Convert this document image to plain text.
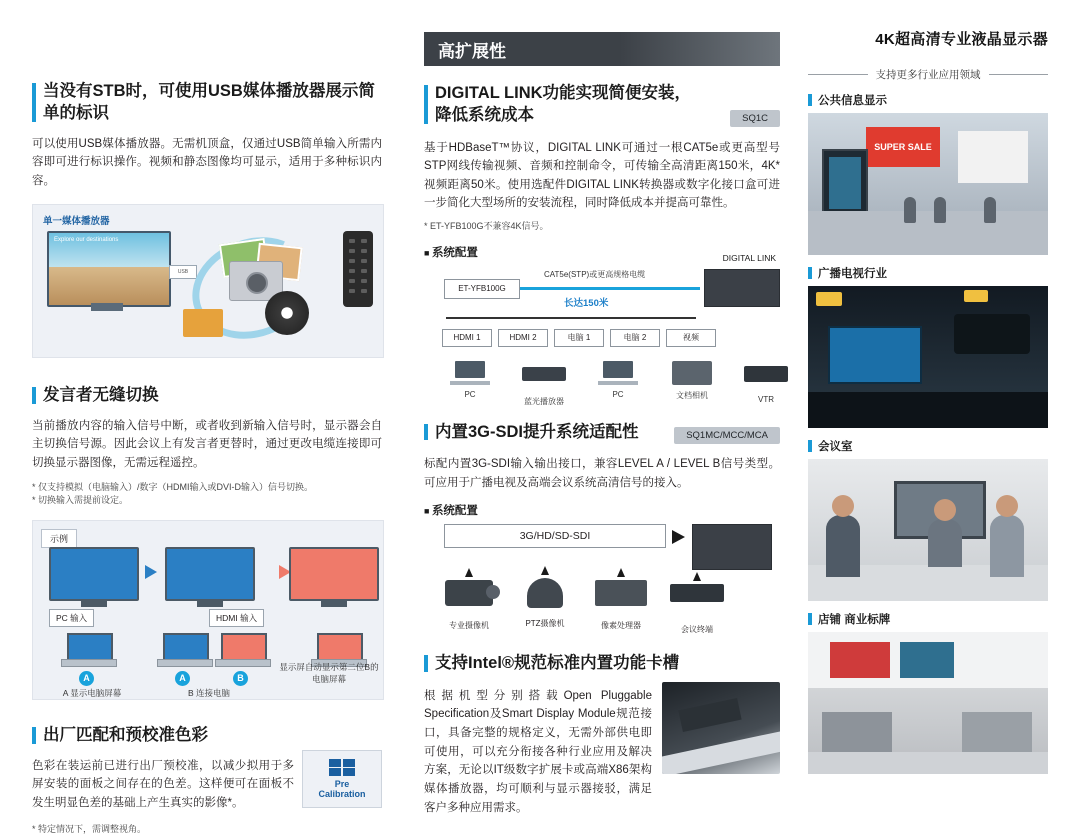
当没有STB时，可使用USB媒体播放器展示简单的标识
可以使用USB媒体播放器。无需机顶盒，仅通过USB简单输入所需内容即可进行标识操作。视频和静态图像均可显示，适用于多种标识内容。
单一媒体播放器
Explore our destinations
USB
发言者无缝切换
当前播放内容的输入信号中断，或者收到新输入信号时，显示器会自主切换信号源。因此会议上有发言者更替时，通过更改电缆连接即可切换显示器图像，无需远程遥控。
* 仅支持模拟（电脑输入）/数字（HDMI输入或DVI-D输入）信号切换。
* 切换输入需提前设定。
示例
PC 输入
A
A 显示电脑屏幕
HDMI 输入
A	B
B 连接电脑
显示屏自动显示第二位B的电脑屏幕
出厂匹配和预校准色彩
色彩在装运前已进行出厂预校准，以减少拟用于多屏安装的面板之间存在的色差。这样便可在面板不发生明显色差的基础上产生真实的影像*。
* 特定情况下，需调整视角。
Pre
Calibration
高扩展性
DIGITAL LINK功能实现简便安装，降低系统成本	SQ1C
基于HDBaseT™协议，DIGITAL LINK可通过一根CAT5e或更高型号STP网线传输视频、音频和控制命令，可传输全高清距离150米，4K*视频距离50米。使用选配件DIGITAL LINK转换器或数字化接口盒可进一步简化大型场所的安装流程，同时降低成本并提高可靠性。
* ET-YFB100G不兼容4K信号。
■ 系统配置
ET-YFB100G
CAT5e(STP)或更高规格电缆
长达150米
DIGITAL LINK
HDMI 1	HDMI 2	电脑 1	电脑 2	视频
PC
蓝光播放器
PC	文档相机	VTR
内置3G-SDI提升系统适配性	SQ1MC/MCC/MCA
标配内置3G-SDI输入输出接口，兼容LEVEL A / LEVEL B信号类型。可应用于广播电视及高端会议系统高清信号的接入。
■ 系统配置
3G/HD/SD-SDI
专业摄像机	PTZ摄像机	像素处理器	会议终端
支持Intel®规范标准内置功能卡槽
根据机型分别搭载Open Pluggable Specification及Smart Display Module规范接口，具备完整的规格定义，无需外部供电即可使用，可以充分衔接各种行业应用及解决方案，无论以IT级数字扩展卡或高端X86架构媒体播放器，均可顺利与显示器接驳，满足客户多种应用需求。
4K超高清专业液晶显示器
支持更多行业应用领域
公共信息显示
SUPER SALE
广播电视行业
会议室
店铺 商业标牌
